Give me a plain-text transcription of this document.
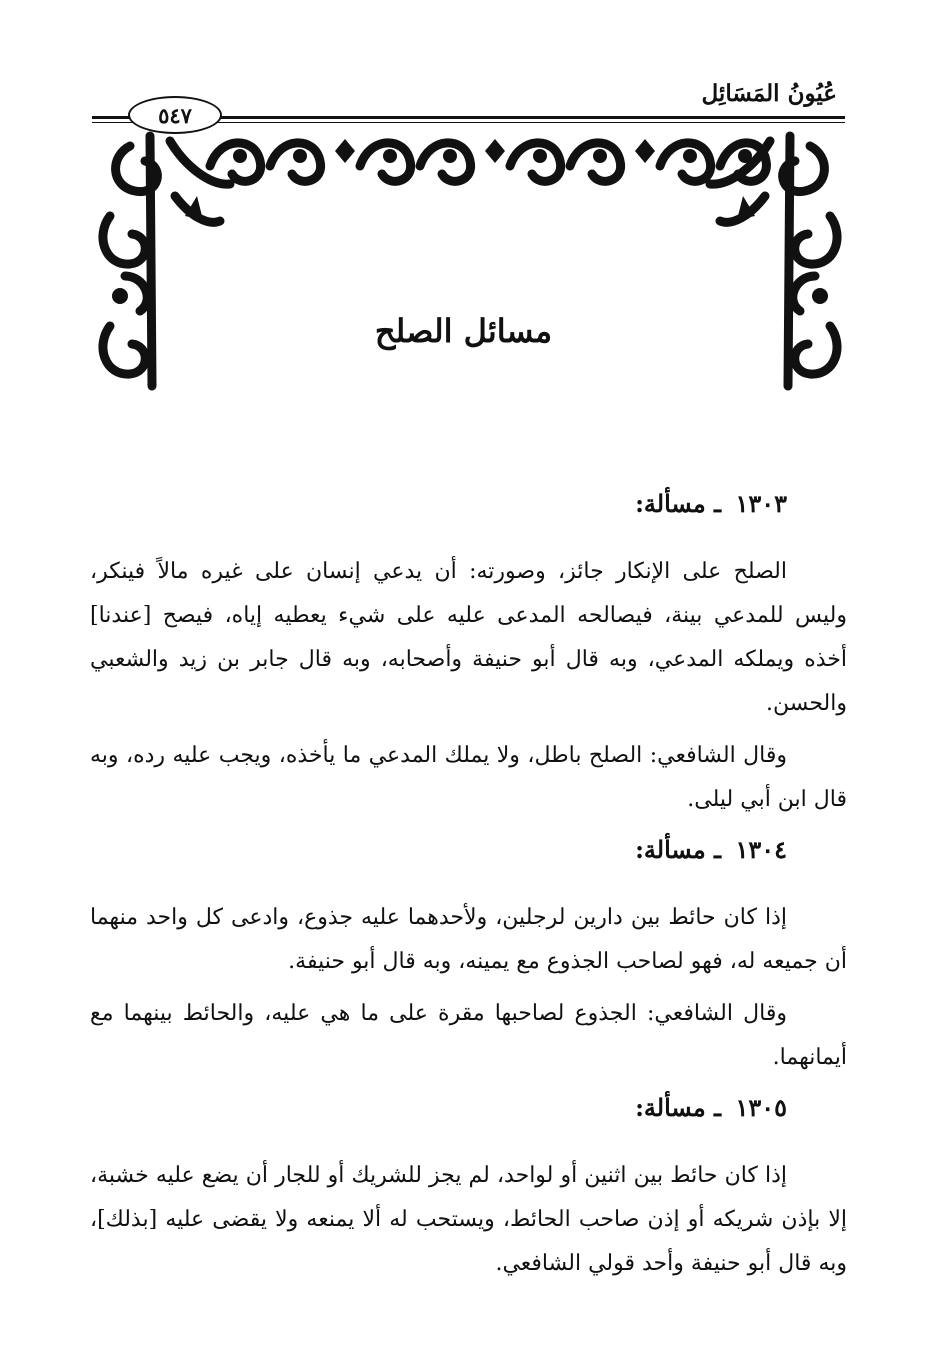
عُيُونُ المَسَائِل
٥٤٧
مسائل الصلح
١٣٠٣ ـ مسألة:

الصلح على الإنكار جائز، وصورته: أن يدعي إنسان على غيره مالاً فينكر، وليس للمدعي بينة، فيصالحه المدعى عليه على شيء يعطيه إياه، فيصح [عندنا] أخذه ويملكه المدعي، وبه قال أبو حنيفة وأصحابه، وبه قال جابر بن زيد والشعبي والحسن.

وقال الشافعي: الصلح باطل، ولا يملك المدعي ما يأخذه، ويجب عليه رده، وبه قال ابن أبي ليلى.

١٣٠٤ ـ مسألة:

إذا كان حائط بين دارين لرجلين، ولأحدهما عليه جذوع، وادعى كل واحد منهما أن جميعه له، فهو لصاحب الجذوع مع يمينه، وبه قال أبو حنيفة.

وقال الشافعي: الجذوع لصاحبها مقرة على ما هي عليه، والحائط بينهما مع أيمانهما.

١٣٠٥ ـ مسألة:

إذا كان حائط بين اثنين أو لواحد، لم يجز للشريك أو للجار أن يضع عليه خشبة، إلا بإذن شريكه أو إذن صاحب الحائط، ويستحب له ألا يمنعه ولا يقضى عليه [بذلك]، وبه قال أبو حنيفة وأحد قولي الشافعي.
